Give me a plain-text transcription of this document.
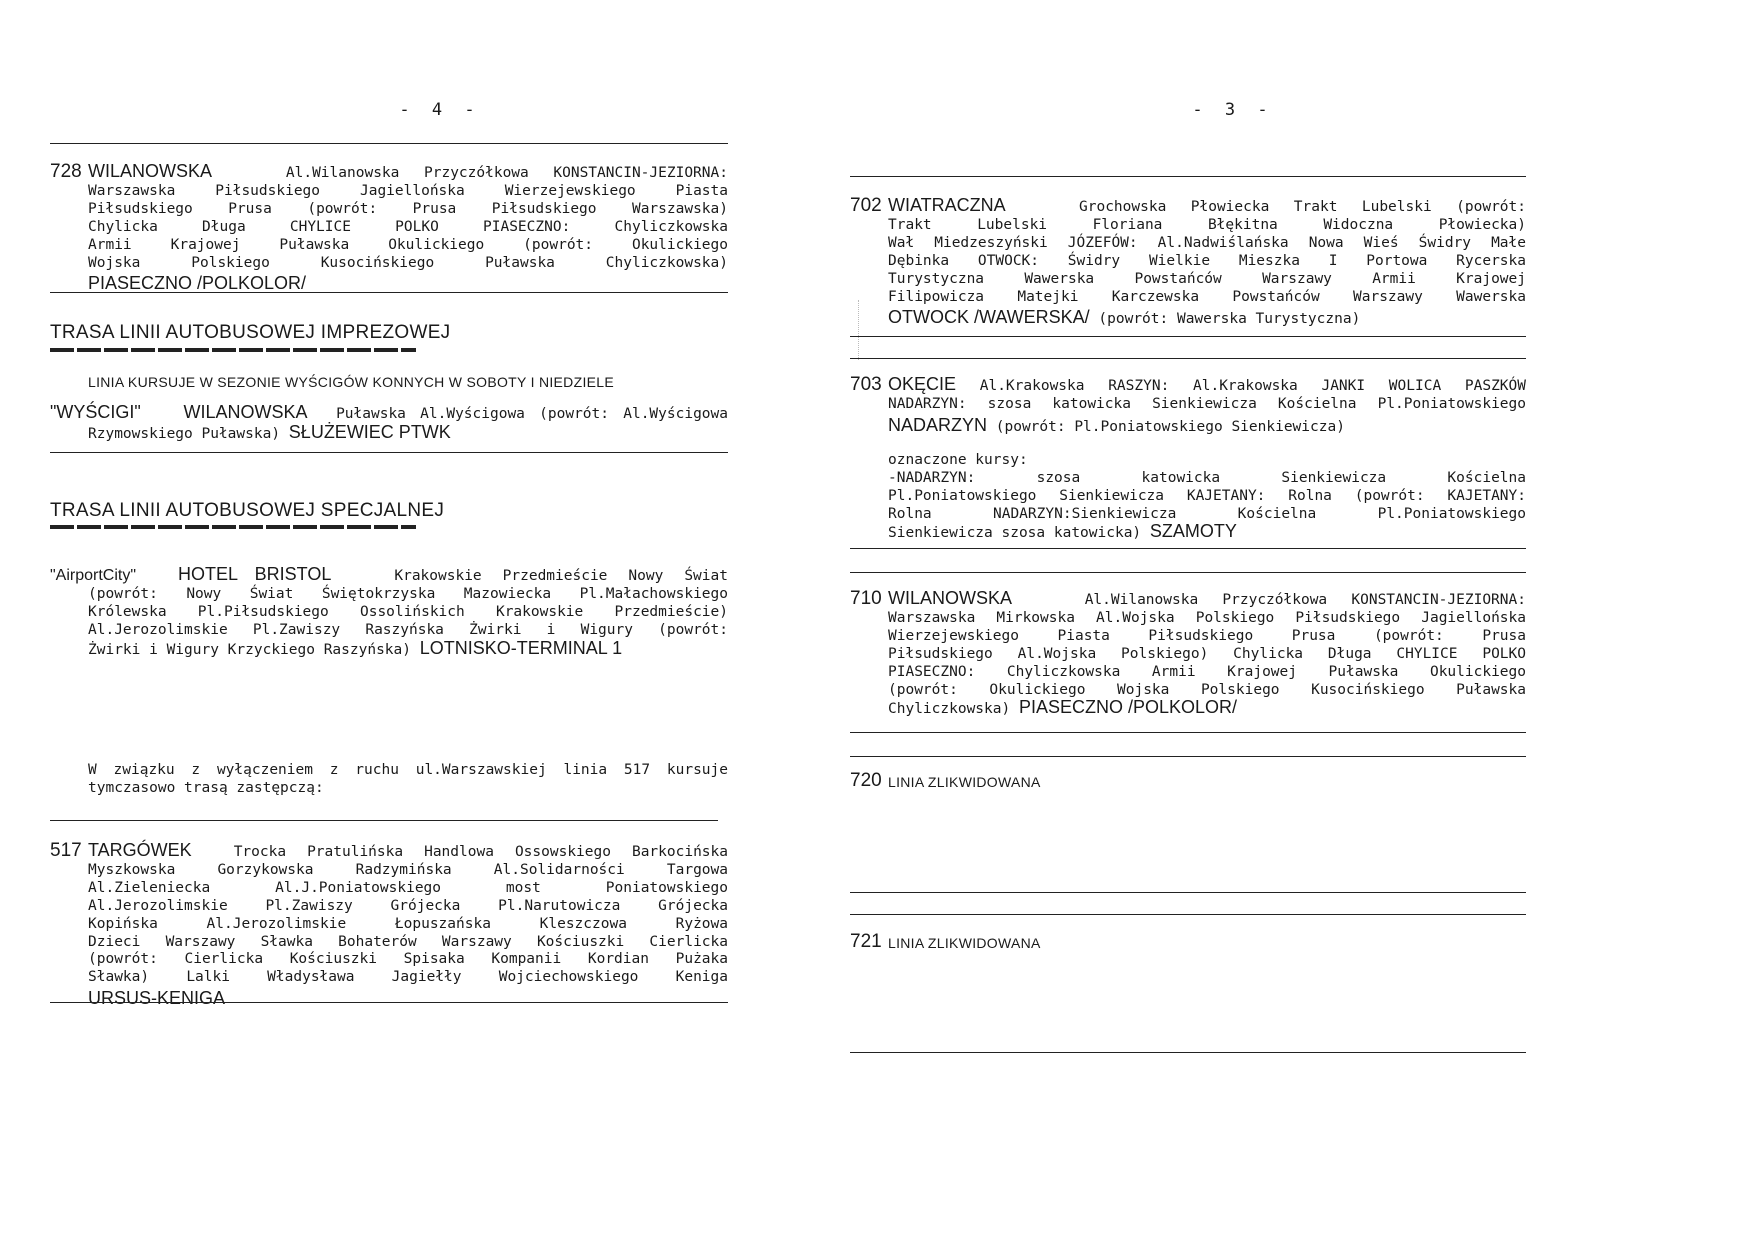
- 4 -
728 WILANOWSKA	Al.Wilanowska Przyczółkowa KONSTANCIN-JEZIORNA:
Warszawska Piłsudskiego Jagiellońska Wierzejewskiego Piasta
Piłsudskiego Prusa (powrót: Prusa Piłsudskiego Warszawska)
Chylicka Długa CHYLICE POLKO PIASECZNO: Chyliczkowska
Armii Krajowej Puławska Okulickiego (powrót: Okulickiego
Wojska Polskiego Kusocińskiego Puławska Chyliczkowska)
PIASECZNO /POLKOLOR/
TRASA LINII AUTOBUSOWEJ IMPREZOWEJ
LINIA KURSUJE W SEZONIE WYŚCIGÓW KONNYCH W SOBOTY I NIEDZIELE
"WYŚCIGI" WILANOWSKA Puławska Al.Wyścigowa (powrót: Al.Wyścigowa
Rzymowskiego Puławska) SŁUŻEWIEC PTWK
TRASA LINII AUTOBUSOWEJ SPECJALNEJ
"AirportCity" HOTEL BRISTOL	Krakowskie Przedmieście Nowy Świat
(powrót: Nowy Świat Świętokrzyska Mazowiecka Pl.Małachowskiego
Królewska Pl.Piłsudskiego Ossolińskich Krakowskie Przedmieście)
Al.Jerozolimskie Pl.Zawiszy Raszyńska Żwirki i Wigury (powrót:
Żwirki i Wigury Krzyckiego Raszyńska) LOTNISKO-TERMINAL 1
W związku z wyłączeniem z ruchu ul.Warszawskiej linia 517 kursuje
tymczasowo trasą zastępczą:
517 TARGÓWEK	Trocka Pratulińska Handlowa Ossowskiego Barkocińska
Myszkowska Gorzykowska Radzymińska Al.Solidarności Targowa
Al.Zieleniecka Al.J.Poniatowskiego most Poniatowskiego
Al.Jerozolimskie Pl.Zawiszy Grójecka Pl.Narutowicza Grójecka
Kopińska Al.Jerozolimskie Łopuszańska Kleszczowa Ryżowa
Dzieci Warszawy Sławka Bohaterów Warszawy Kościuszki Cierlicka
(powrót: Cierlicka Kościuszki Spisaka Kompanii Kordian Pużaka
Sławka) Lalki Władysława Jagiełły Wojciechowskiego Keniga
URSUS-KENIGA
- 3 -
702 WIATRACZNA	Grochowska Płowiecka Trakt Lubelski (powrót:
Trakt Lubelski Floriana Błękitna Widoczna Płowiecka)
Wał Miedzeszyński JÓZEFÓW: Al.Nadwiślańska Nowa Wieś Świdry Małe
Dębinka OTWOCK: Świdry Wielkie Mieszka I Portowa Rycerska
Turystyczna Wawerska Powstańców Warszawy Armii Krajowej
Filipowicza Matejki Karczewska Powstańców Warszawy Wawerska
OTWOCK /WAWERSKA/ (powrót: Wawerska Turystyczna)
703 OKĘCIE Al.Krakowska RASZYN: Al.Krakowska JANKI WOLICA PASZKÓW
NADARZYN: szosa katowicka Sienkiewicza Kościelna Pl.Poniatowskiego
NADARZYN (powrót: Pl.Poniatowskiego Sienkiewicza)
oznaczone kursy:
-NADARZYN: szosa katowicka Sienkiewicza Kościelna
Pl.Poniatowskiego Sienkiewicza KAJETANY: Rolna (powrót: KAJETANY:
Rolna NADARZYN:Sienkiewicza Kościelna Pl.Poniatowskiego
Sienkiewicza szosa katowicka) SZAMOTY
710 WILANOWSKA	Al.Wilanowska Przyczółkowa KONSTANCIN-JEZIORNA:
Warszawska Mirkowska Al.Wojska Polskiego Piłsudskiego Jagiellońska
Wierzejewskiego Piasta Piłsudskiego Prusa (powrót: Prusa
Piłsudskiego Al.Wojska Polskiego) Chylicka Długa CHYLICE POLKO
PIASECZNO: Chyliczkowska Armii Krajowej Puławska Okulickiego
(powrót: Okulickiego Wojska Polskiego Kusocińskiego Puławska
Chyliczkowska) PIASECZNO /POLKOLOR/
720 LINIA ZLIKWIDOWANA
721 LINIA ZLIKWIDOWANA
